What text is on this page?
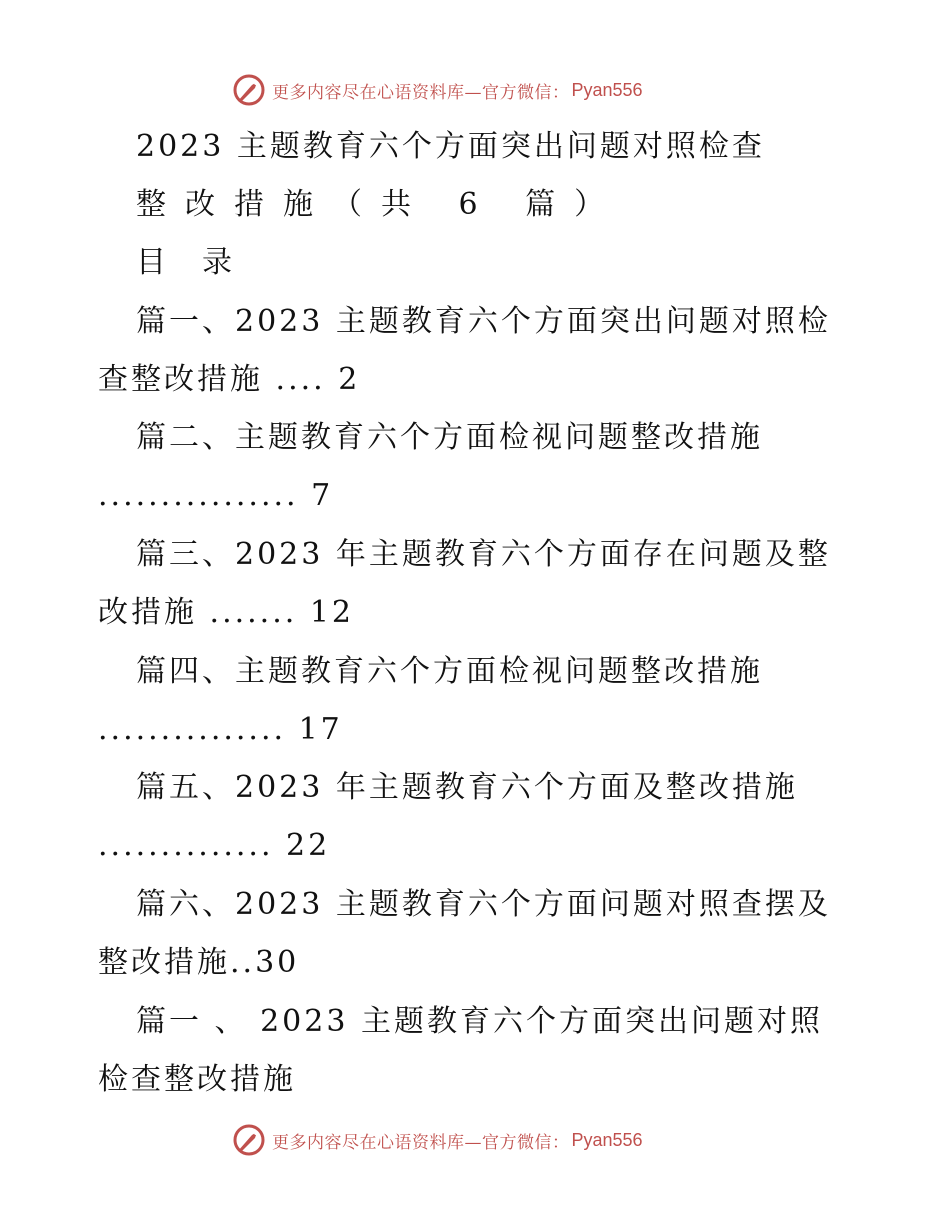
更多内容尽在心语资料库—官方微信： Pyan556
2023 主题教育六个方面突出问题对照检查
整改措施（共 6 篇）
目录
篇一、2023 主题教育六个方面突出问题对照检
查整改措施 .... 2
篇二、主题教育六个方面检视问题整改措施
................ 7
篇三、2023 年主题教育六个方面存在问题及整
改措施 ....... 12
篇四、主题教育六个方面检视问题整改措施
............... 17
篇五、2023 年主题教育六个方面及整改措施
.............. 22
篇六、2023 主题教育六个方面问题对照查摆及
整改措施..30
篇一 、 2023 主题教育六个方面突出问题对照
检查整改措施
更多内容尽在心语资料库—官方微信： Pyan556
